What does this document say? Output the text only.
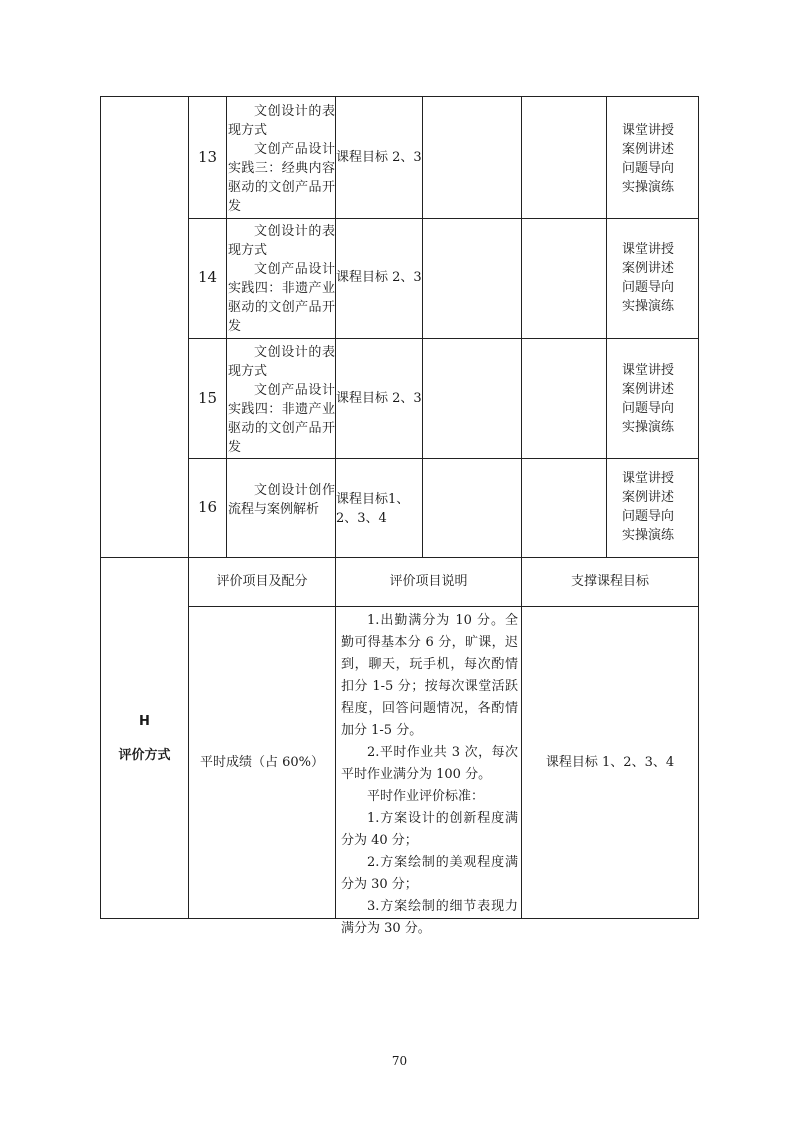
13
文创设计的表现方式
文创产品设计实践三：经典内容驱动的文创产品开发
课程目标 2、3
课堂讲授
案例讲述
问题导向
实操演练
14
文创设计的表现方式
文创产品设计实践四：非遗产业驱动的文创产品开发
课程目标 2、3
课堂讲授
案例讲述
问题导向
实操演练
15
文创设计的表现方式
文创产品设计实践四：非遗产业驱动的文创产品开发
课程目标 2、3
课堂讲授
案例讲述
问题导向
实操演练
16
文创设计创作流程与案例解析
课程目标1、2、3、4
课堂讲授
案例讲述
问题导向
实操演练
H
评价方式
评价项目及配分	评价项目说明	支撑课程目标
平时成绩（占 60%）
1.出勤满分为 10 分。全勤可得基本分 6 分，旷课，迟到，聊天，玩手机，每次酌情扣分 1-5 分；按每次课堂活跃程度，回答问题情况，各酌情加分 1-5 分。
2.平时作业共 3 次，每次平时作业满分为 100 分。
平时作业评价标准：
1.方案设计的创新程度满分为 40 分；
2.方案绘制的美观程度满分为 30 分；
3.方案绘制的细节表现力满分为 30 分。
课程目标 1、2、3、4
70
